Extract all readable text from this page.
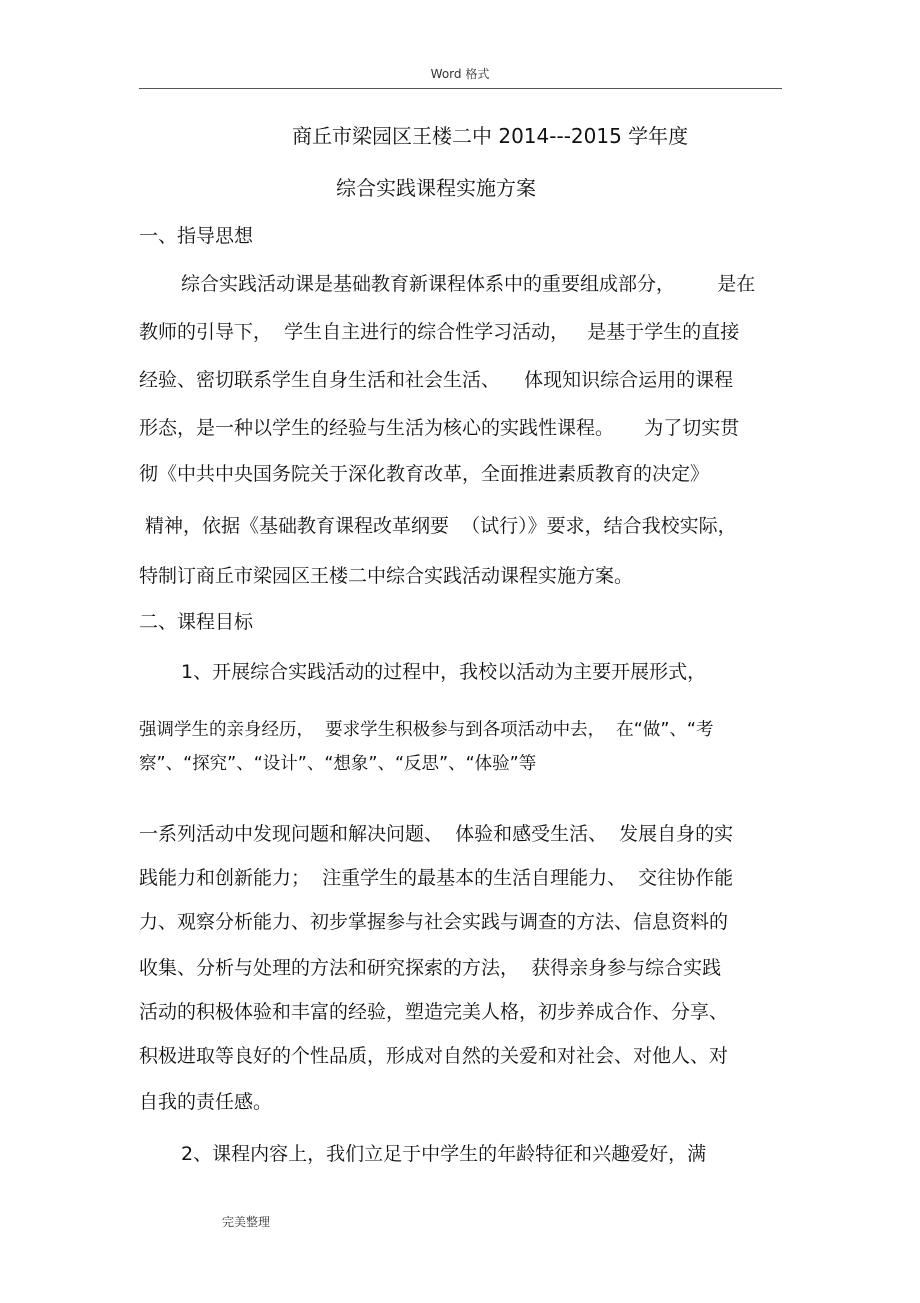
Word 格式
商丘市梁园区王楼二中 2014---2015 学年度
综合实践课程实施方案
一、指导思想
综合实践活动课是基础教育新课程体系中的重要组成部分，       是在
教师的引导下，  学生自主进行的综合性学习活动，   是基于学生的直接
经验、密切联系学生自身生活和社会生活、    体现知识综合运用的课程
形态，是一种以学生的经验与生活为核心的实践性课程。     为了切实贯
彻《中共中央国务院关于深化教育改革，全面推进素质教育的决定》
精神，依据《基础教育课程改革纲要  （试行）》要求，结合我校实际，
特制订商丘市梁园区王楼二中综合实践活动课程实施方案。
二、课程目标
1、开展综合实践活动的过程中，我校以活动为主要开展形式，
强调学生的亲身经历，  要求学生积极参与到各项活动中去，  在“做”、“考
察”、“探究”、“设计”、“想象”、“反思”、“体验”等
一系列活动中发现问题和解决问题、  体验和感受生活、  发展自身的实
践能力和创新能力；  注重学生的最基本的生活自理能力、  交往协作能
力、观察分析能力、初步掌握参与社会实践与调查的方法、信息资料的
收集、分析与处理的方法和研究探索的方法，  获得亲身参与综合实践
活动的积极体验和丰富的经验，塑造完美人格，初步养成合作、分享、
积极进取等良好的个性品质，形成对自然的关爱和对社会、对他人、对
自我的责任感。
2、课程内容上，我们立足于中学生的年龄特征和兴趣爱好，满
完美整理
